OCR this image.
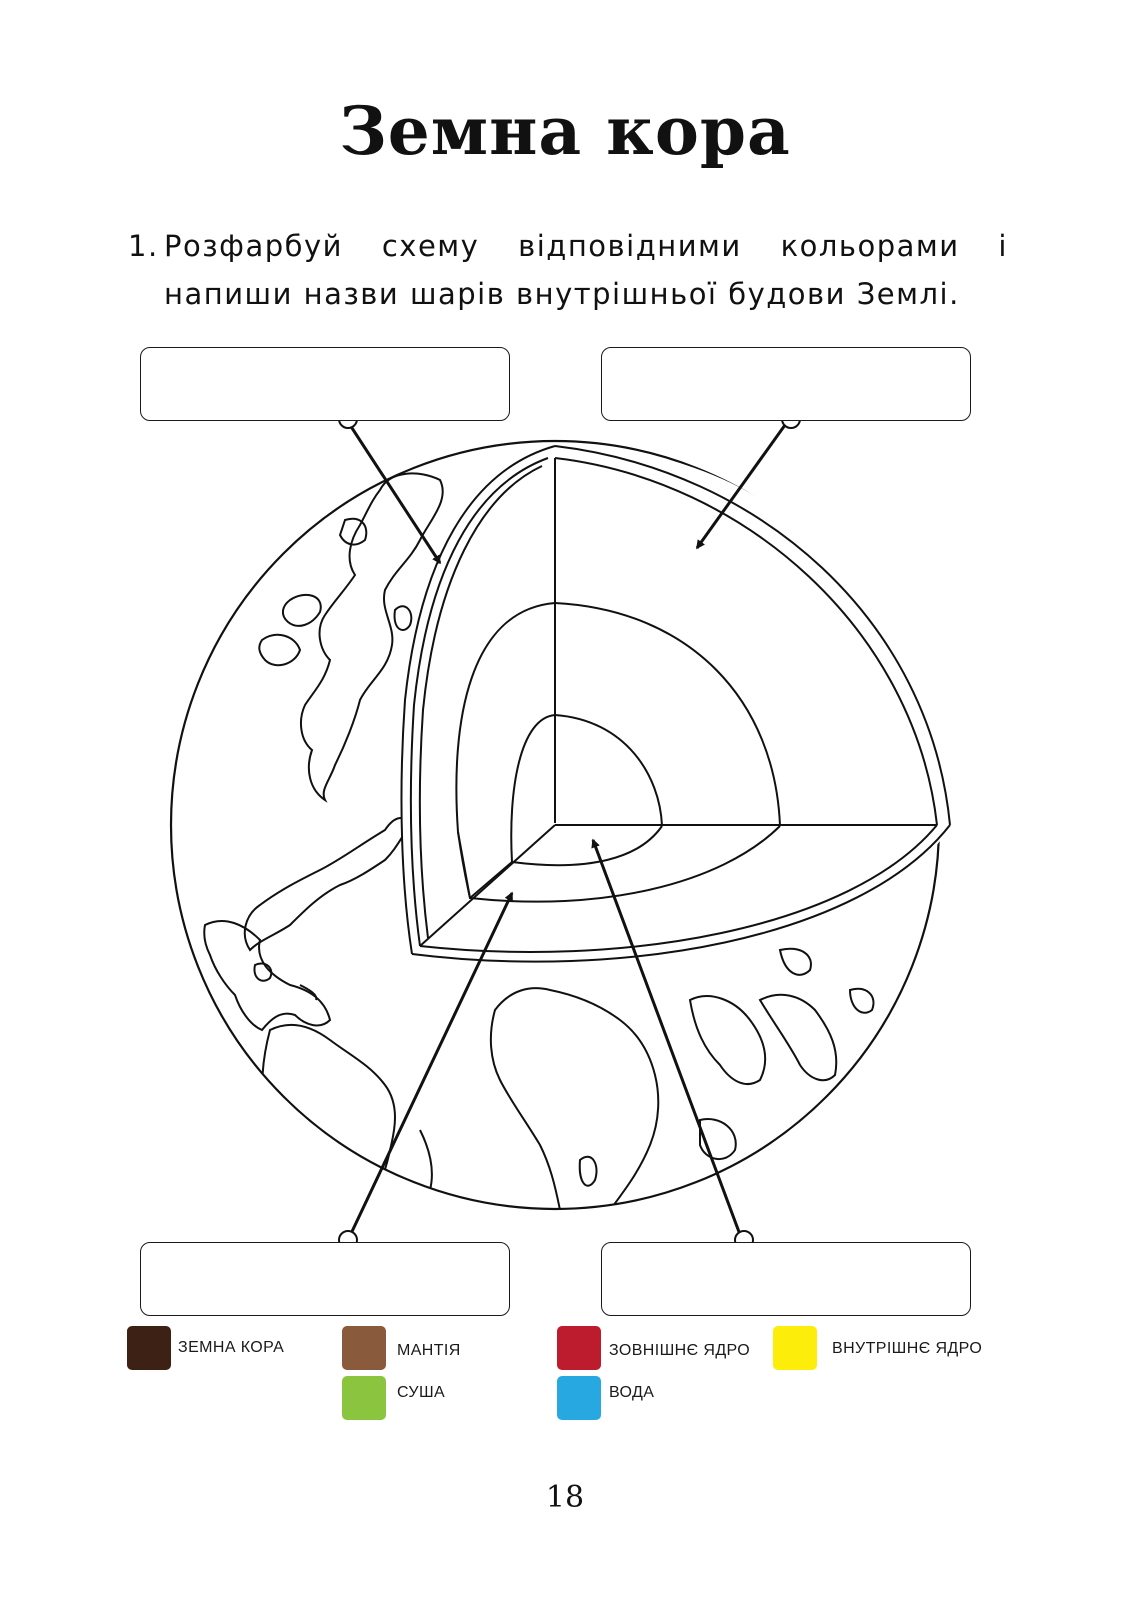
Земна кора
1. Розфарбуй схему відповідними кольорами і напиши назви шарів внутрішньої будови Землі.
ЗЕМНА КОРА	МАНТІЯ	ЗОВНІШНЄ ЯДРО	ВНУТРІШНЄ ЯДРО
СУША	ВОДА
18
